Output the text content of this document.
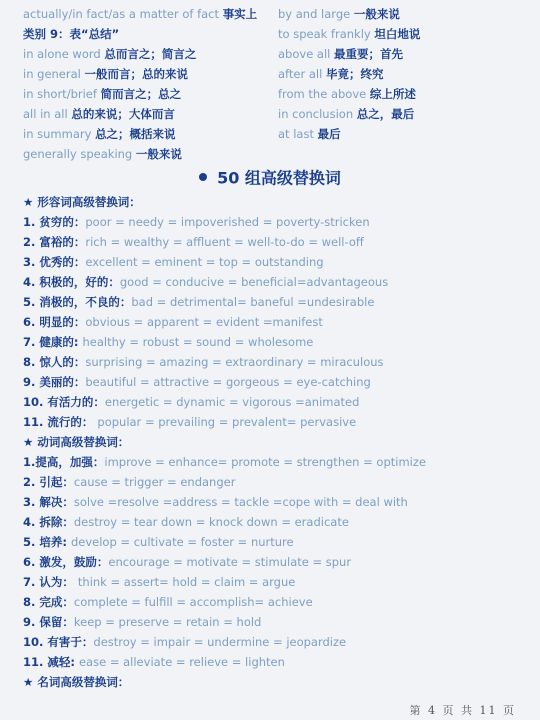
actually/in fact/as a matter of fact 事实上
类别 9：表“总结”
in alone word 总而言之；简言之
in general 一般而言；总的来说
in short/brief 简而言之；总之
all in all 总的来说；大体而言
in summary 总之；概括来说
generally speaking 一般来说
by and large 一般来说
to speak frankly 坦白地说
above all 最重要；首先
after all 毕竟；终究
from the above 综上所述
in conclusion 总之，最后
at last 最后
50 组高级替换词
★ 形容词高级替换词：
1. 贫穷的：poor = needy = impoverished = poverty-stricken
2. 富裕的：rich = wealthy = affluent = well-to-do = well-off
3. 优秀的：excellent = eminent = top = outstanding
4. 积极的，好的：good = conducive = beneficial=advantageous
5. 消极的，不良的：bad = detrimental= baneful =undesirable
6. 明显的：obvious = apparent = evident =manifest
7. 健康的: healthy = robust = sound = wholesome
8. 惊人的：surprising = amazing = extraordinary = miraculous
9. 美丽的：beautiful = attractive = gorgeous = eye-catching
10. 有活力的：energetic = dynamic = vigorous =animated
11. 流行的： popular = prevailing = prevalent= pervasive
★ 动词高级替换词：
1.提高，加强：improve = enhance= promote = strengthen = optimize
2. 引起：cause = trigger = endanger
3. 解决：solve =resolve =address = tackle =cope with = deal with
4. 拆除：destroy = tear down = knock down = eradicate
5. 培养: develop = cultivate = foster = nurture
6. 激发，鼓励：encourage = motivate = stimulate = spur
7. 认为： think = assert= hold = claim = argue
8. 完成：complete = fulfill = accomplish= achieve
9. 保留：keep = preserve = retain = hold
10. 有害于：destroy = impair = undermine = jeopardize
11. 减轻: ease = alleviate = relieve = lighten
★ 名词高级替换词：
第 4 页 共 11 页
